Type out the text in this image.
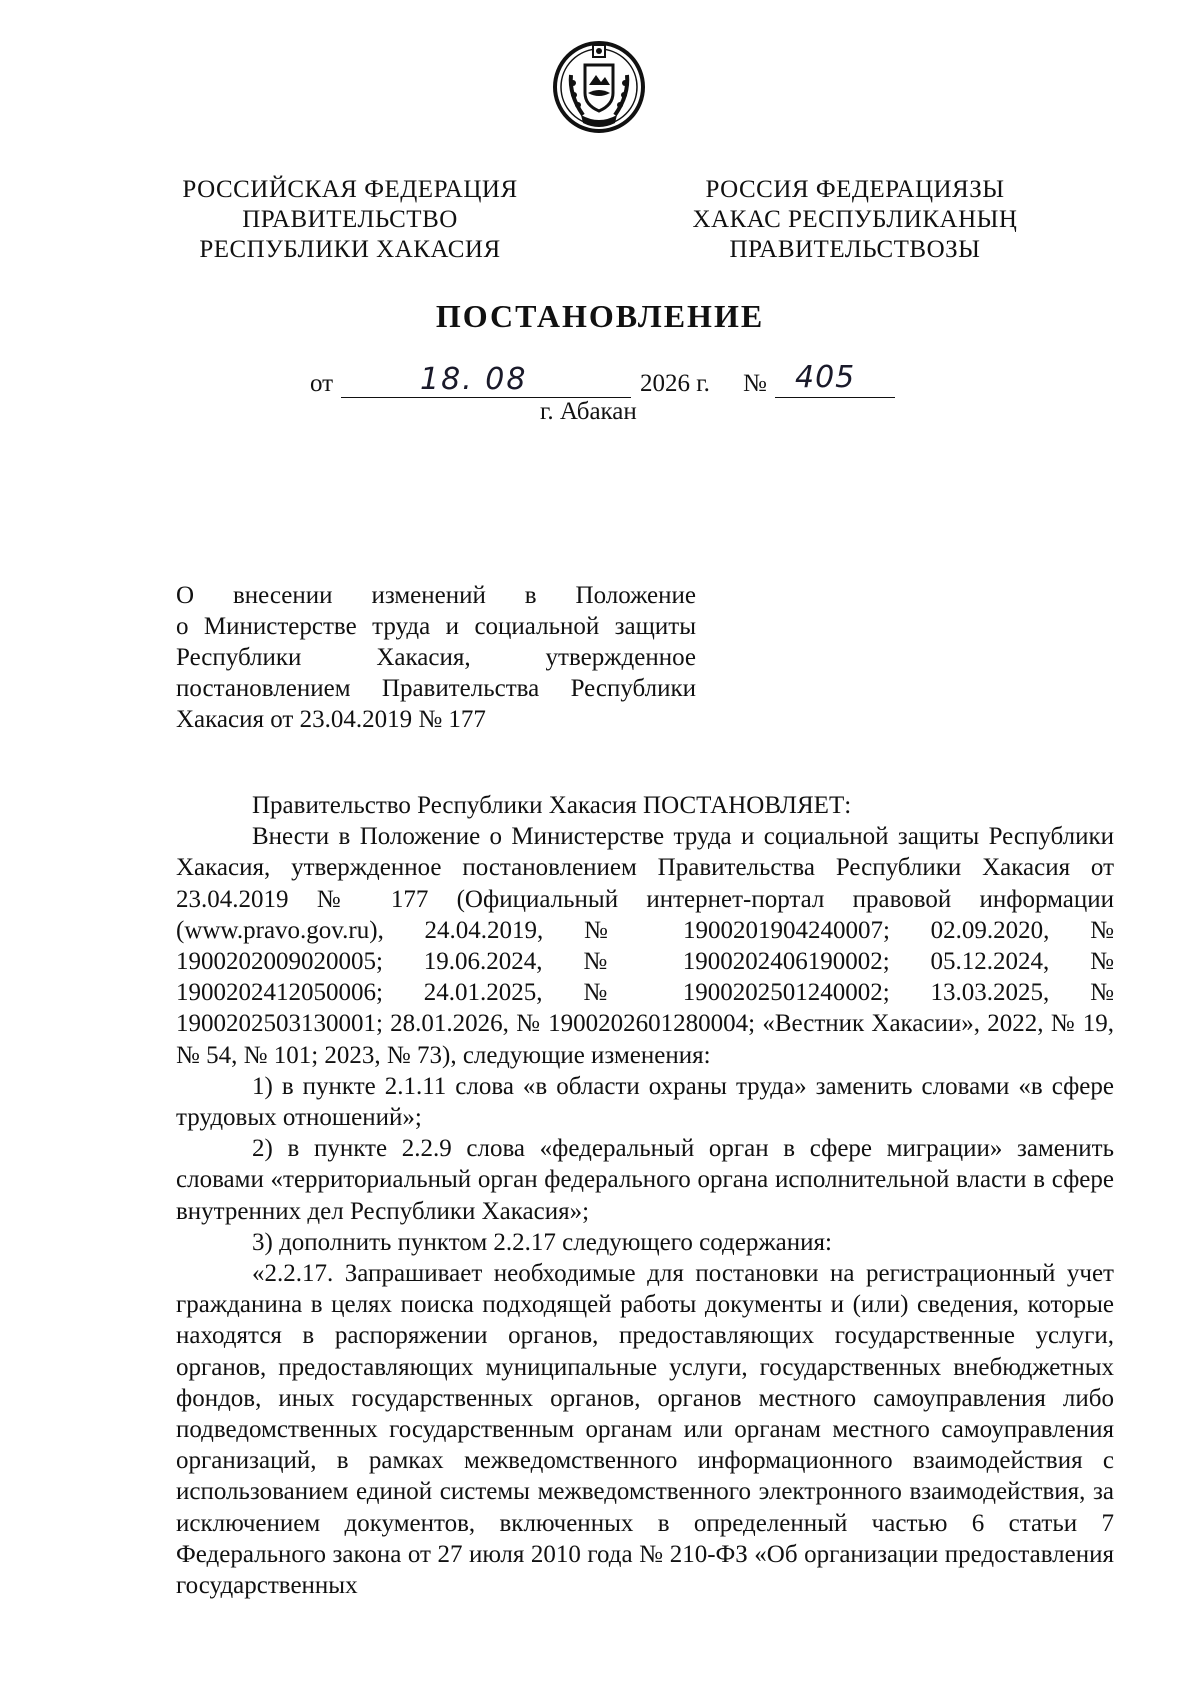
РОССИЙСКАЯ ФЕДЕРАЦИЯ
ПРАВИТЕЛЬСТВО
РЕСПУБЛИКИ ХАКАСИЯ
РОССИЯ ФЕДЕРАЦИЯЗЫ
ХАКАС РЕСПУБЛИКАНЫҢ
ПРАВИТЕЛЬСТВОЗЫ
ПОСТАНОВЛЕНИЕ
от	18. 08	2026 г. № 405
г. Абакан
О внесении изменений в Положение
о Министерстве труда и социальной защиты
Республики Хакасия, утвержденное
постановлением Правительства Республики
Хакасия от 23.04.2019 № 177

Правительство Республики Хакасия ПОСТАНОВЛЯЕТ:

Внести в Положение о Министерстве труда и социальной защиты Республики Хакасия, утвержденное постановлением Правительства Республики Хакасия от 23.04.2019 № 177 (Официальный интернет-портал правовой информации (www.pravo.gov.ru), 24.04.2019, № 1900201904240007; 02.09.2020, № 1900202009020005; 19.06.2024, № 1900202406190002; 05.12.2024, № 1900202412050006; 24.01.2025, № 1900202501240002; 13.03.2025, № 1900202503130001; 28.01.2026, № 1900202601280004; «Вестник Хакасии», 2022, № 19, № 54, № 101; 2023, № 73), следующие изменения:

1) в пункте 2.1.11 слова «в области охраны труда» заменить словами «в сфере трудовых отношений»;

2) в пункте 2.2.9 слова «федеральный орган в сфере миграции» заменить словами «территориальный орган федерального органа исполнительной власти в сфере внутренних дел Республики Хакасия»;

3) дополнить пунктом 2.2.17 следующего содержания:

«2.2.17. Запрашивает необходимые для постановки на регистрационный учет гражданина в целях поиска подходящей работы документы и (или) сведения, которые находятся в распоряжении органов, предоставляющих государственные услуги, органов, предоставляющих муниципальные услуги, государственных внебюджетных фондов, иных государственных органов, органов местного самоуправления либо подведомственных государственным органам или органам местного самоуправления организаций, в рамках межведомственного информационного взаимодействия с использованием единой системы межведомственного электронного взаимодействия, за исключением документов, включенных в определенный частью 6 статьи 7 Федерального закона от 27 июля 2010 года № 210-ФЗ «Об организации предоставления государственных
